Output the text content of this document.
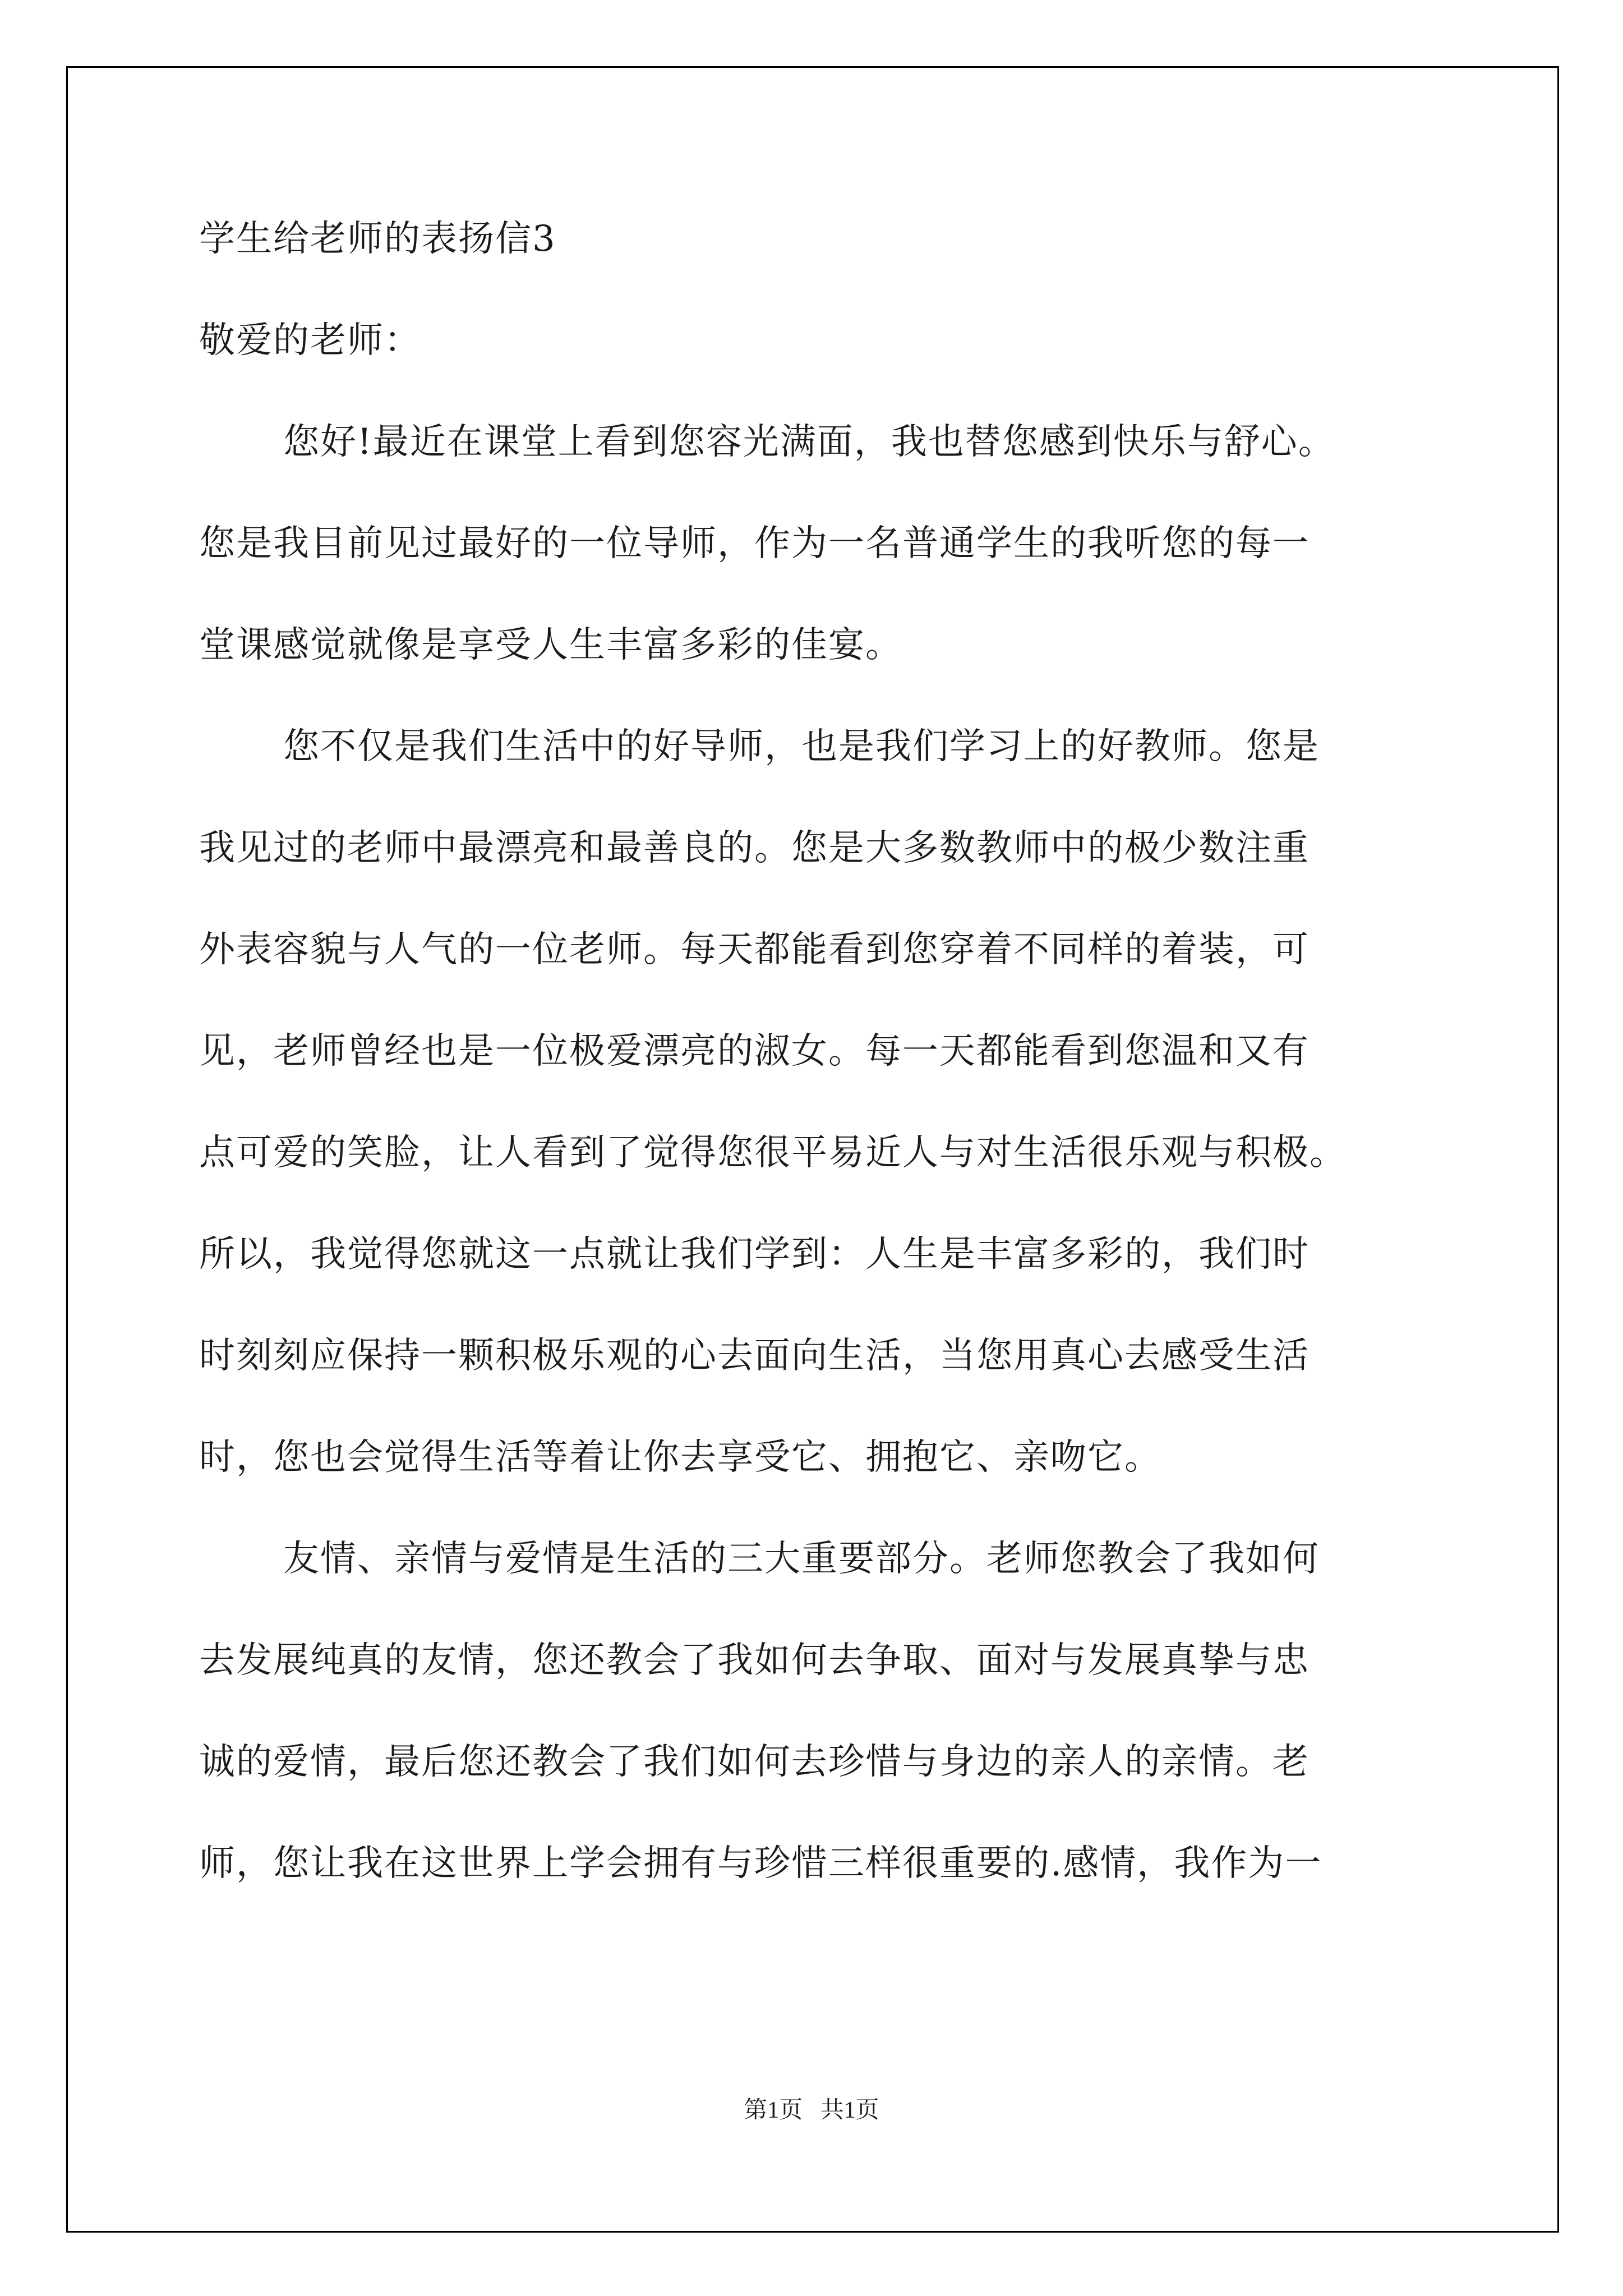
学生给老师的表扬信3
敬爱的老师：
您好!最近在课堂上看到您容光满面，我也替您感到快乐与舒心。
您是我目前见过最好的一位导师，作为一名普通学生的我听您的每一
堂课感觉就像是享受人生丰富多彩的佳宴。
您不仅是我们生活中的好导师，也是我们学习上的好教师。您是
我见过的老师中最漂亮和最善良的。您是大多数教师中的极少数注重
外表容貌与人气的一位老师。每天都能看到您穿着不同样的着装，可
见，老师曾经也是一位极爱漂亮的淑女。每一天都能看到您温和又有
点可爱的笑脸，让人看到了觉得您很平易近人与对生活很乐观与积极。
所以，我觉得您就这一点就让我们学到：人生是丰富多彩的，我们时
时刻刻应保持一颗积极乐观的心去面向生活，当您用真心去感受生活
时，您也会觉得生活等着让你去享受它、拥抱它、亲吻它。
友情、亲情与爱情是生活的三大重要部分。老师您教会了我如何
去发展纯真的友情，您还教会了我如何去争取、面对与发展真挚与忠
诚的爱情，最后您还教会了我们如何去珍惜与身边的亲人的亲情。老
师，您让我在这世界上学会拥有与珍惜三样很重要的.感情，我作为一
第1页   共1页
